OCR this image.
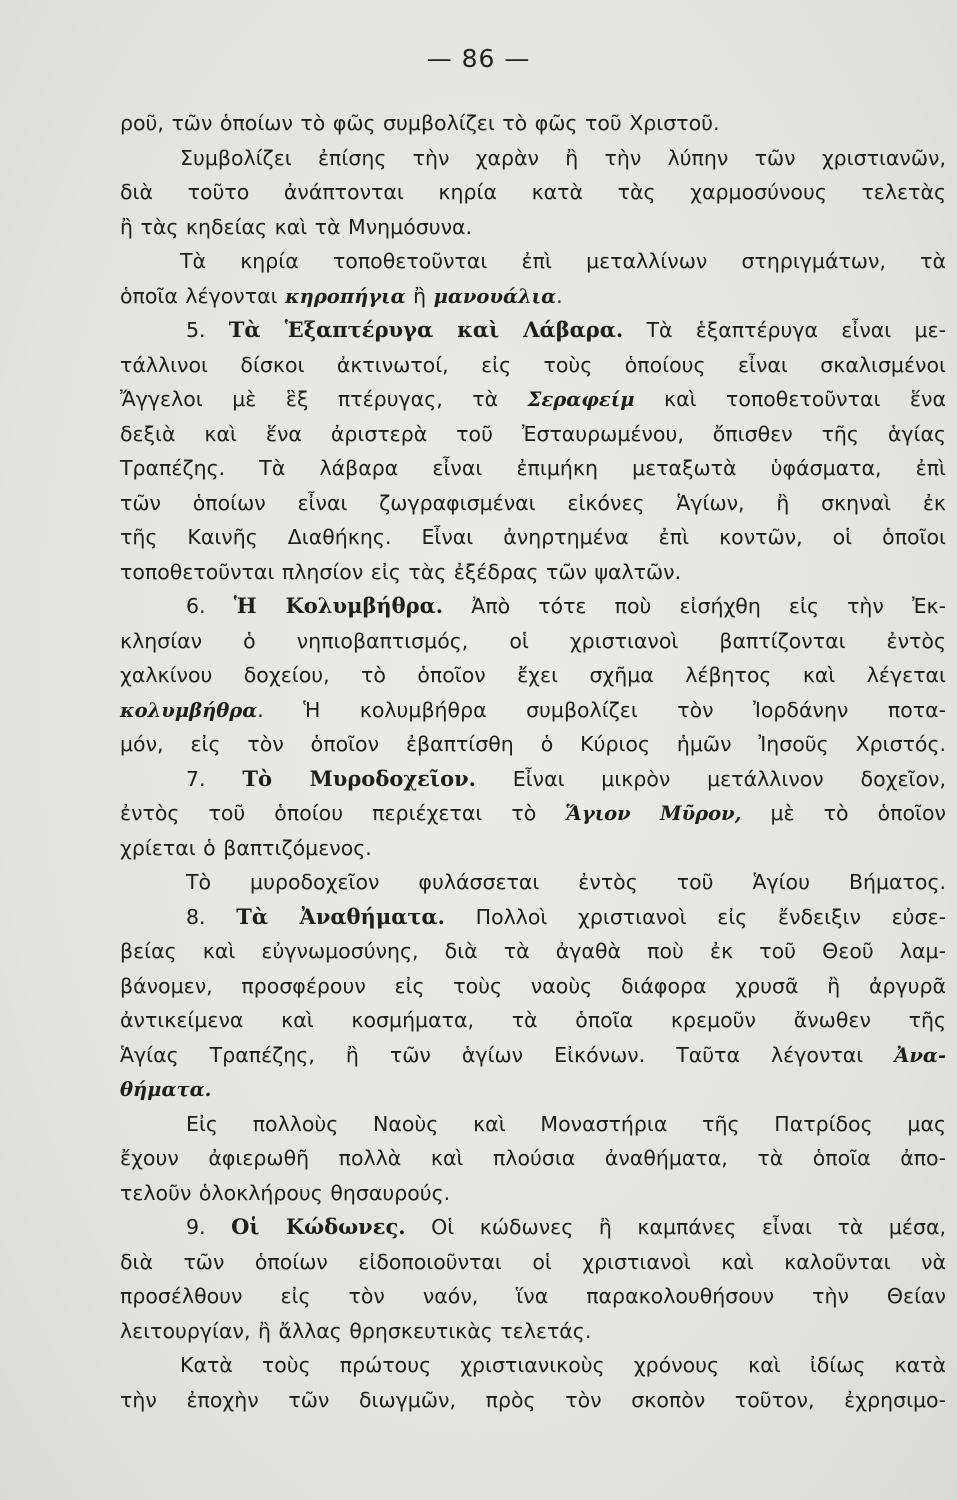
— 86 —
ροῦ, τῶν ὁποίων τὸ φῶς συμβολίζει τὸ φῶς τοῦ Χριστοῦ.
Συμβολίζει ἐπίσης τὴν χαρὰν ἢ τὴν λύπην τῶν χριστιανῶν,
διὰ τοῦτο ἀνάπτονται κηρία κατὰ τὰς χαρμοσύνους τελετὰς
ἢ τὰς κηδείας καὶ τὰ Μνημόσυνα.
Τὰ κηρία τοποθετοῦνται ἐπὶ μεταλλίνων στηριγμάτων, τὰ
ὁποῖα λέγονται κηροπήγια ἢ μανουάλια.
5. Τὰ Ἑξαπτέρυγα καὶ Λάβαρα. Τὰ ἑξαπτέρυγα εἶναι με-
τάλλινοι δίσκοι ἀκτινωτοί, εἰς τοὺς ὁποίους εἶναι σκαλισμένοι
Ἄγγελοι μὲ ἓξ πτέρυγας, τὰ Σεραφείμ καὶ τοποθετοῦνται ἕνα
δεξιὰ καὶ ἕνα ἀριστερὰ τοῦ Ἐσταυρωμένου, ὄπισθεν τῆς ἁγίας
Τραπέζης. Τὰ λάβαρα εἶναι ἐπιμήκη μεταξωτὰ ὑφάσματα, ἐπὶ
τῶν ὁποίων εἶναι ζωγραφισμέναι εἰκόνες Ἁγίων, ἢ σκηναὶ ἐκ
τῆς Καινῆς Διαθήκης. Εἶναι ἀνηρτημένα ἐπὶ κοντῶν, οἱ ὁποῖοι
τοποθετοῦνται πλησίον εἰς τὰς ἐξέδρας τῶν ψαλτῶν.
6. Ἡ Κολυμβήθρα. Ἀπὸ τότε ποὺ εἰσήχθη εἰς τὴν Ἐκ-
κλησίαν ὁ νηπιοβαπτισμός, οἱ χριστιανοὶ βαπτίζονται ἐντὸς
χαλκίνου δοχείου, τὸ ὁποῖον ἔχει σχῆμα λέβητος καὶ λέγεται
κολυμβήθρα. Ἡ κολυμβήθρα συμβολίζει τὸν Ἰορδάνην ποτα-
μόν, εἰς τὸν ὁποῖον ἐβαπτίσθη ὁ Κύριος ἡμῶν Ἰησοῦς Χριστός.
7. Τὸ Μυροδοχεῖον. Εἶναι μικρὸν μετάλλινον δοχεῖον,
ἐντὸς τοῦ ὁποίου περιέχεται τὸ Ἅγιον Μῦρον, μὲ τὸ ὁποῖον
χρίεται ὁ βαπτιζόμενος.
Τὸ μυροδοχεῖον φυλάσσεται ἐντὸς τοῦ Ἁγίου Βήματος.
8. Τὰ Ἀναθήματα. Πολλοὶ χριστιανοὶ εἰς ἔνδειξιν εὐσε-
βείας καὶ εὐγνωμοσύνης, διὰ τὰ ἀγαθὰ ποὺ ἐκ τοῦ Θεοῦ λαμ-
βάνομεν, προσφέρουν εἰς τοὺς ναοὺς διάφορα χρυσᾶ ἢ ἀργυρᾶ
ἀντικείμενα καὶ κοσμήματα, τὰ ὁποῖα κρεμοῦν ἄνωθεν τῆς
Ἁγίας Τραπέζης, ἢ τῶν ἁγίων Εἰκόνων. Ταῦτα λέγονται Ἀνα-
θήματα.
Εἰς πολλοὺς Ναοὺς καὶ Μοναστήρια τῆς Πατρίδος μας
ἔχουν ἀφιερωθῆ πολλὰ καὶ πλούσια ἀναθήματα, τὰ ὁποῖα ἀπο-
τελοῦν ὁλοκλήρους θησαυρούς.
9. Οἱ Κώδωνες. Οἱ κώδωνες ἢ καμπάνες εἶναι τὰ μέσα,
διὰ τῶν ὁποίων εἰδοποιοῦνται οἱ χριστιανοὶ καὶ καλοῦνται νὰ
προσέλθουν εἰς τὸν ναόν, ἵνα παρακολουθήσουν τὴν Θείαν
λειτουργίαν, ἢ ἄλλας θρησκευτικὰς τελετάς.
Κατὰ τοὺς πρώτους χριστιανικοὺς χρόνους καὶ ἰδίως κατὰ
τὴν ἐποχὴν τῶν διωγμῶν, πρὸς τὸν σκοπὸν τοῦτον, ἐχρησιμο-
